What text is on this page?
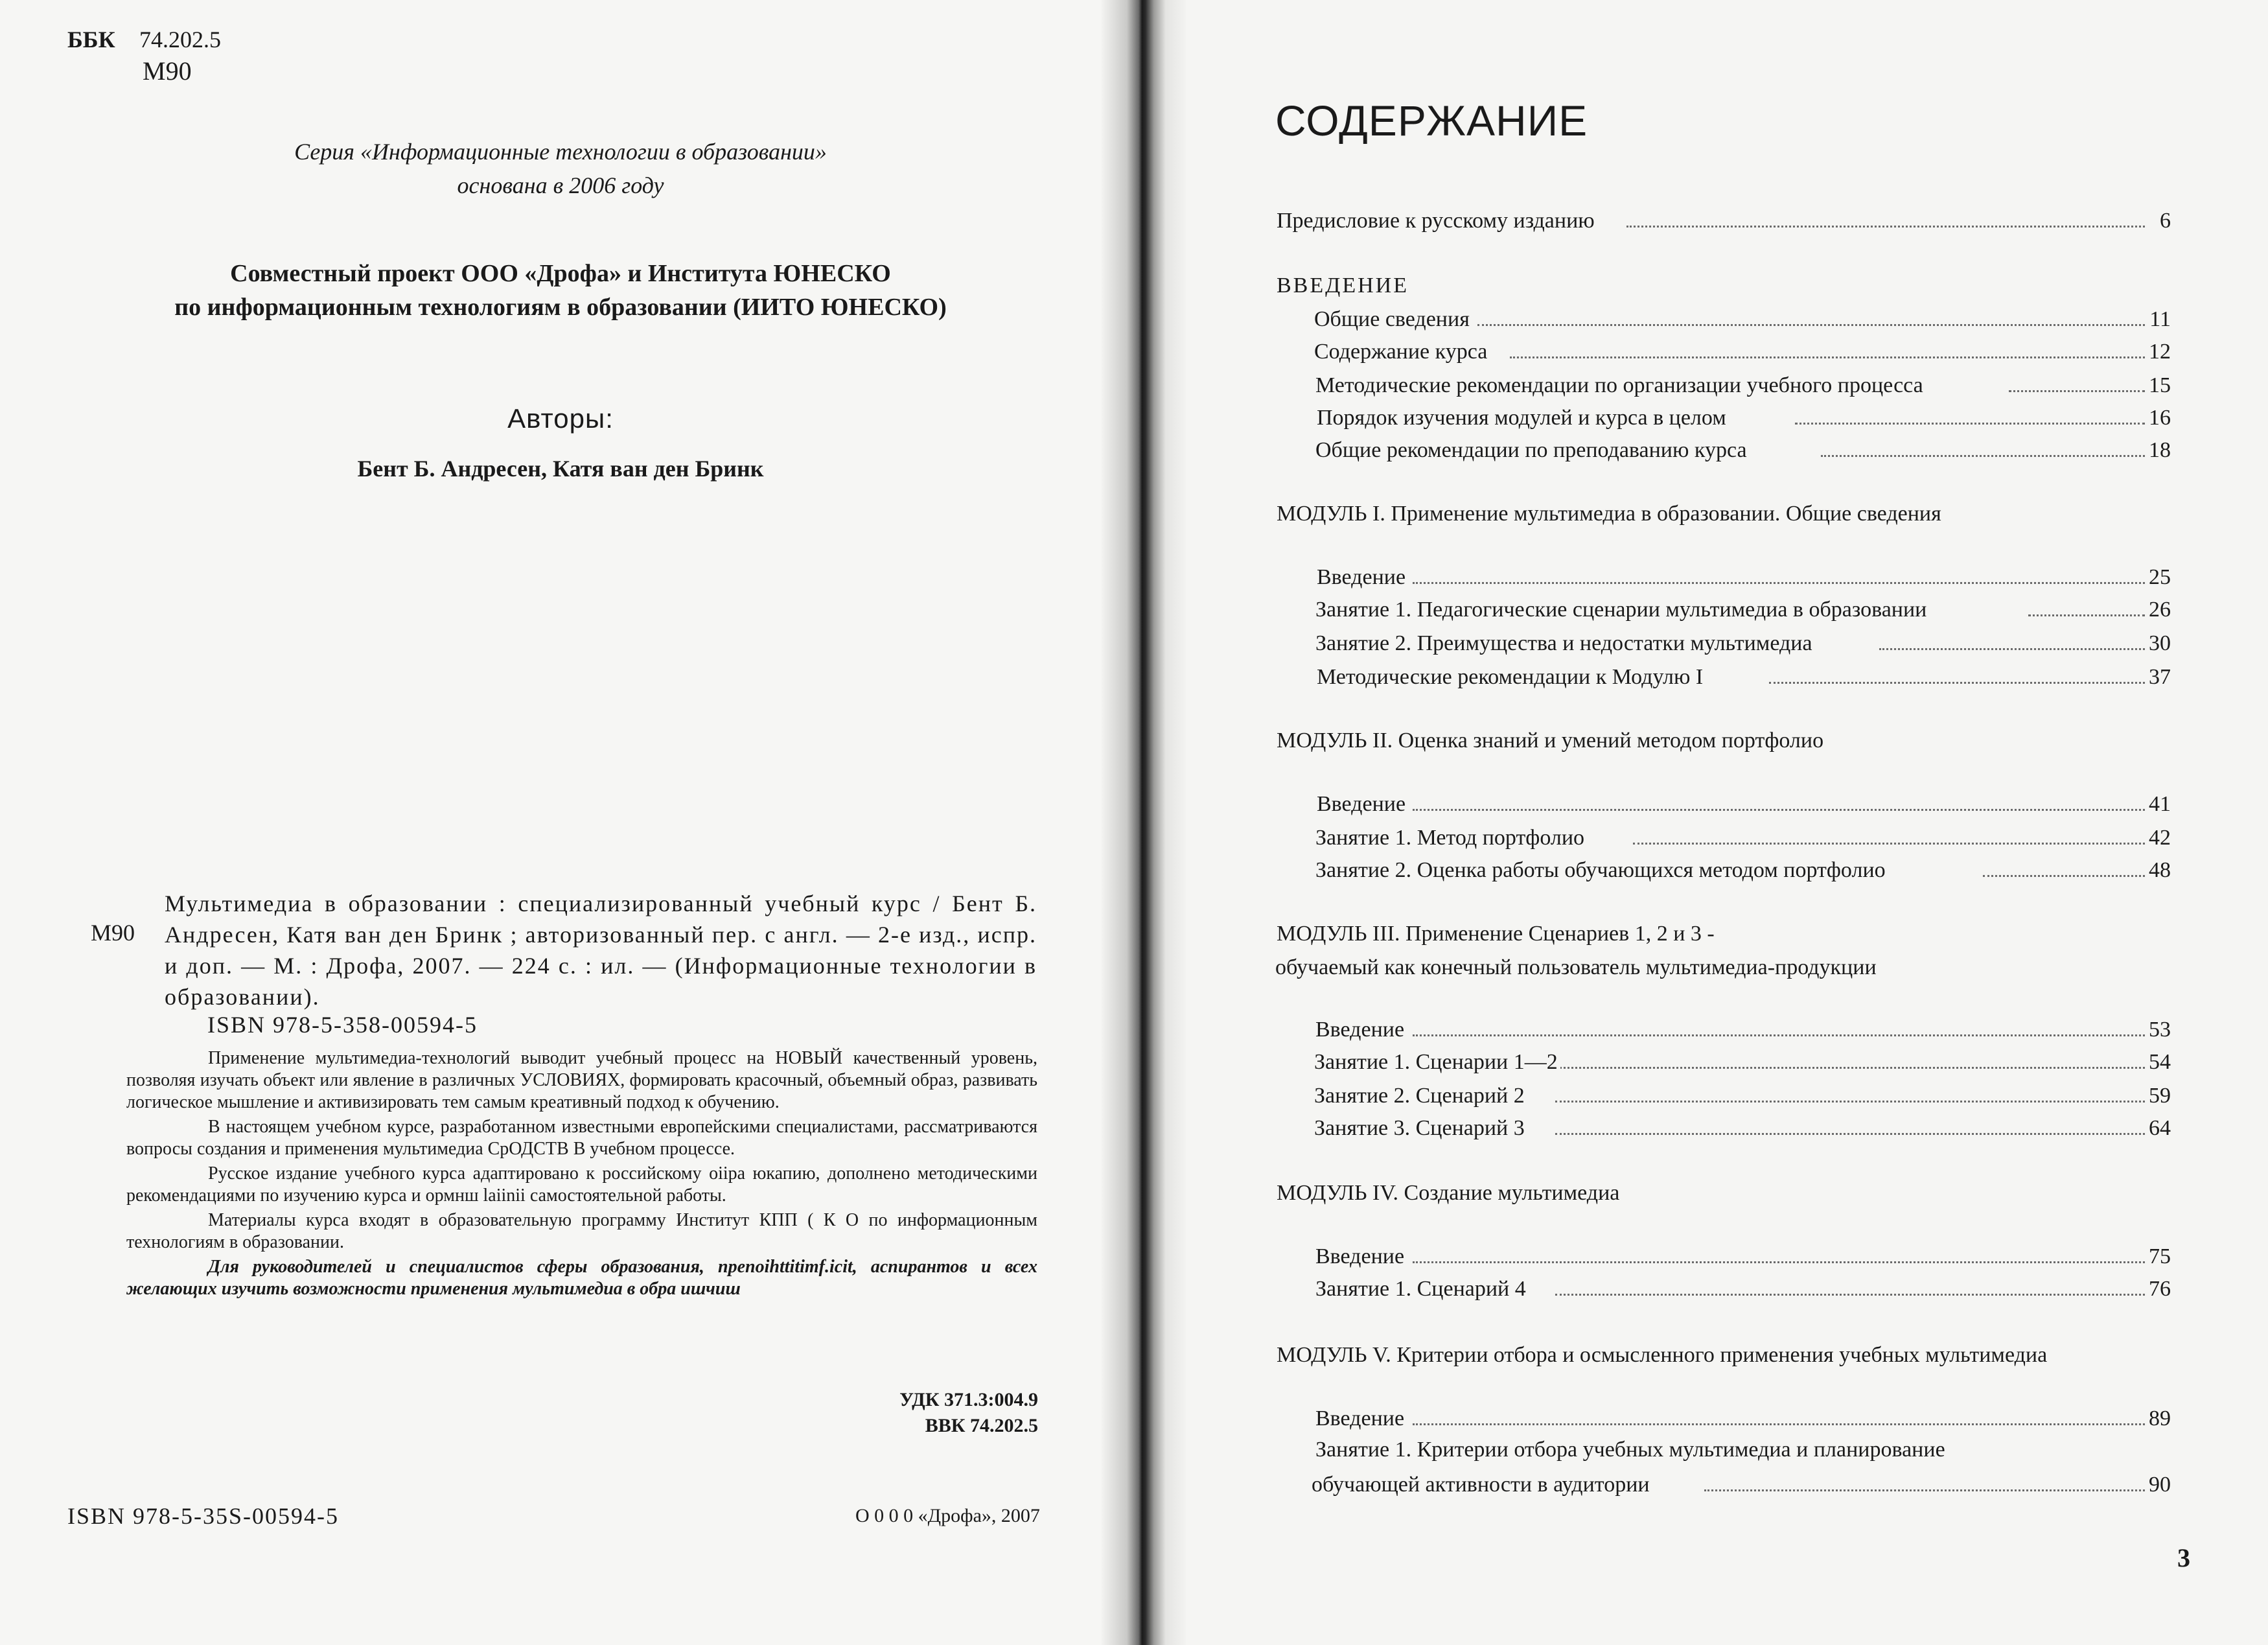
ББК 74.202.5
М90
Серия «Информационные технологии в образовании»
основана в 2006 году
Совместный проект ООО «Дрофа» и Института ЮНЕСКО
по информационным технологиям в образовании (ИИТО ЮНЕСКО)
Авторы:
Бент Б. Андресен, Катя ван ден Бринк
М90
Мультимедиа в образовании : специализированный учебный курс / Бент Б. Андресен, Катя ван ден Бринк ; авторизованный пер. с англ. — 2-е изд., испр. и доп. — М. : Дрофа, 2007. — 224 с. : ил. — (Информационные технологии в образовании).
ISBN 978-5-358-00594-5

Применение мультимедиа-технологий выводит учебный процесс на НОВЫЙ качественный уровень, позволяя изучать объект или явление в различных УСЛОВИЯХ, формировать красочный, объемный образ, развивать логическое мышление и активизировать тем самым креативный подход к обучению.

В настоящем учебном курсе, разработанном известными европейскими специалистами, рассматриваются вопросы создания и применения мультимедиа СрОДСТВ В учебном процессе.

Русское издание учебного курса адаптировано к российскому оiiра юкапию, дополнено методическими рекомендациями по изучению курса и ормнш laiinii самостоятельной работы.

Материалы курса входят в образовательную программу Институт КПП ( К О по информационным технологиям в образовании.

Для руководителей и специалистов сферы образования, препоihttitimf.icit, аспирантов и всех желающих изучить возможности применения мультимедиа в обра ишчиш

УДК 371.3:004.9
ВВК 74.202.5
ISBN 978-5-35S-00594-5	О 0 0 0 «Дрофа», 2007
СОДЕРЖАНИЕ
Предисловие к русскому изданию	6
ВВЕДЕНИЕ
Общие сведения	11
Содержание курса	12
Методические рекомендации по организации учебного процесса	15
Порядок изучения модулей и курса в целом	16
Общие рекомендации по преподаванию курса	18
МОДУЛЬ I. Применение мультимедиа в образовании. Общие сведения
Введение	25
Занятие 1. Педагогические сценарии мультимедиа в образовании	26
Занятие 2. Преимущества и недостатки мультимедиа	30
Методические рекомендации к Модулю I	37
МОДУЛЬ II. Оценка знаний и умений методом портфолио
Введение	41
Занятие 1. Метод портфолио	42
Занятие 2. Оценка работы обучающихся методом портфолио	48
МОДУЛЬ III. Применение Сценариев 1, 2 и 3 -
обучаемый как конечный пользователь мультимедиа-продукции
Введение	53
Занятие 1. Сценарии 1—2	54
Занятие 2. Сценарий 2	59
Занятие 3. Сценарий 3	64
МОДУЛЬ IV. Создание мультимедиа
Введение	75
Занятие 1. Сценарий 4	76
МОДУЛЬ V. Критерии отбора и осмысленного применения учебных мультимедиа
Введение	89
Занятие 1. Критерии отбора учебных мультимедиа и планирование
обучающей активности в аудитории	90
3
